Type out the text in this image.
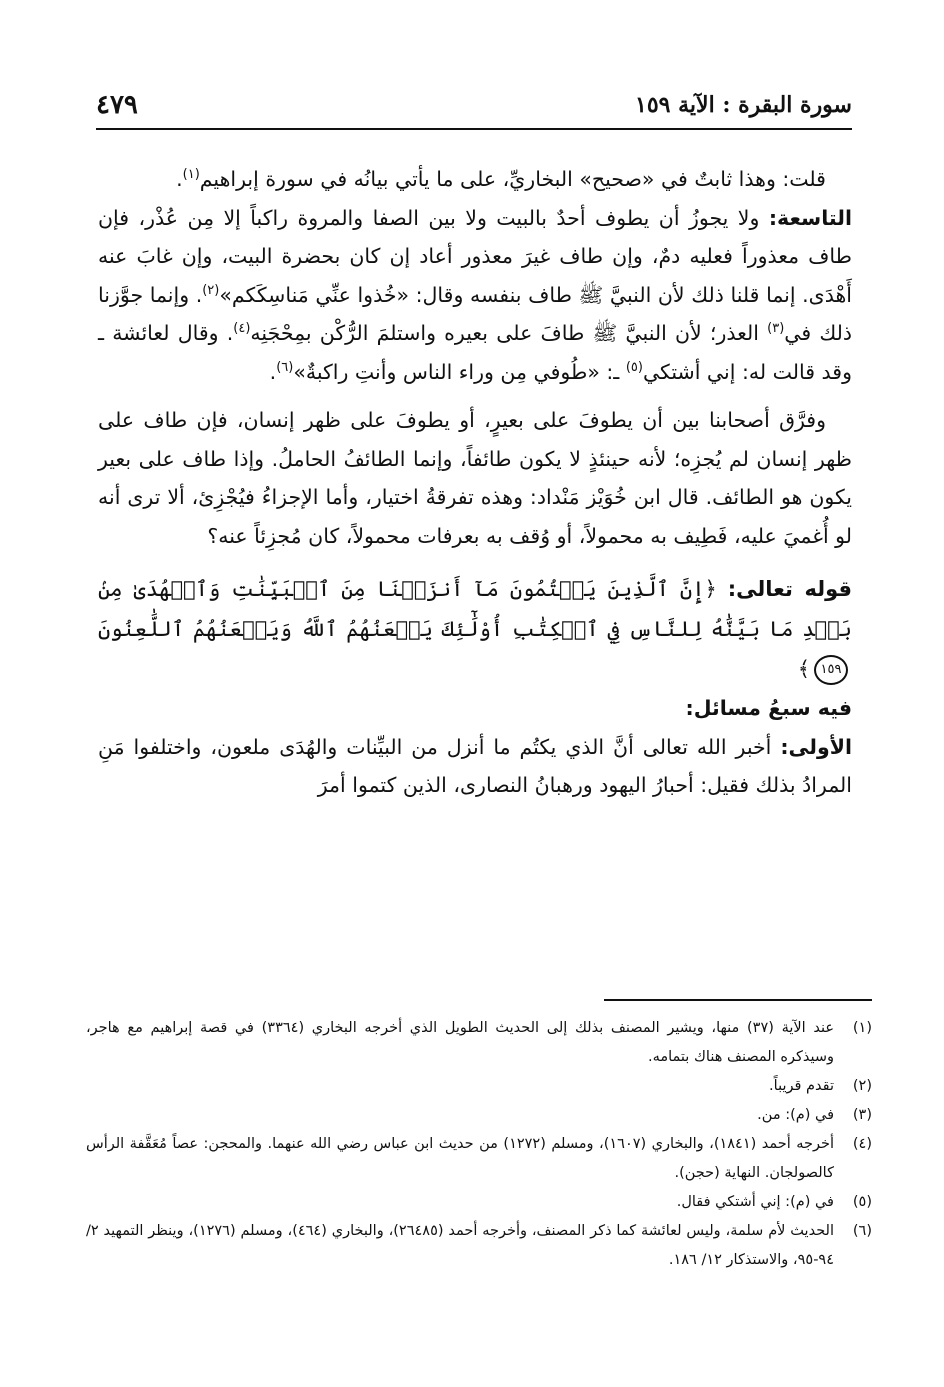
سورة البقرة : الآية ١٥٩
٤٧٩

قلت: وهذا ثابتٌ في «صحيح» البخاريِّ، على ما يأتي بيانُه في سورة إبراهيم$^{(١)}$.

التاسعة: ولا يجوزُ أن يطوف أحدٌ بالبيت ولا بين الصفا والمروة راكباً إلا مِن عُذْر، فإن طاف معذوراً فعليه دمٌ، وإن طاف غيرَ معذور أعاد إن كان بحضرة البيت، وإن غابَ عنه أَهْدَى. إنما قلنا ذلك لأن النبيَّ ﷺ طاف بنفسه وقال: «خُذوا عنِّي مَناسِكَكم»$^{(٢)}$. وإنما جوَّزنا ذلك في$^{(٣)}$ العذر؛ لأن النبيَّ ﷺ طافَ على بعيره واستلمَ الرُّكْن بمِحْجَنِه$^{(٤)}$. وقال لعائشة ـ وقد قالت له: إني أشتكي$^{(٥)}$ ـ: «طُوفي مِن وراء الناس وأنتِ راكبةٌ»$^{(٦)}$.

وفرَّق أصحابنا بين أن يطوفَ على بعيرٍ، أو يطوفَ على ظهر إنسان، فإن طاف على ظهر إنسان لم يُجزِه؛ لأنه حينئذٍ لا يكون طائفاً، وإنما الطائفُ الحاملُ. وإذا طاف على بعير يكون هو الطائف. قال ابن خُوَيْز مَنْداد: وهذه تفرقةُ اختيار، وأما الإجزاءُ فيُجْزِئ، ألا ترى أنه لو أُغميَ عليه، فَطِيف به محمولاً، أو وُقف به بعرفات محمولاً، كان مُجزِئاً عنه؟

قوله تعالى: ﴿إِنَّ ٱلَّذِينَ يَكۡتُمُونَ مَآ أَنزَلۡنَا مِنَ ٱلۡبَيِّنَٰتِ وَٱلۡهُدَىٰ مِنۢ بَعۡدِ مَا بَيَّنَّٰهُ لِلنَّاسِ فِي ٱلۡكِتَٰبِ أُوْلَٰٓئِكَ يَلۡعَنُهُمُ ٱللَّهُ وَيَلۡعَنُهُمُ ٱللَّٰعِنُونَ١٥٩﴾

فيه سبعُ مسائل:

الأولى: أخبر الله تعالى أنَّ الذي يكتُم ما أنزل من البيِّنات والهُدَى ملعون، واختلفوا مَنِ المرادُ بذلك فقيل: أحبارُ اليهود ورهبانُ النصارى، الذين كتموا أمرَ

(١)
عند الآية (٣٧) منها، ويشير المصنف بذلك إلى الحديث الطويل الذي أخرجه البخاري (٣٣٦٤) في قصة إبراهيم مع هاجر، وسيذكره المصنف هناك بتمامه.
(٢)
تقدم قريباً.
(٣)
في (م): من.
(٤)
أخرجه أحمد (١٨٤١)، والبخاري (١٦٠٧)، ومسلم (١٢٧٢) من حديث ابن عباس رضي الله عنهما. والمحجن: عصاً مُعَقَّفة الرأس كالصولجان. النهاية (حجن).
(٥)
في (م): إني أشتكي فقال.
(٦)
الحديث لأم سلمة، وليس لعائشة كما ذكر المصنف، وأخرجه أحمد (٢٦٤٨٥)، والبخاري (٤٦٤)، ومسلم (١٢٧٦)، وينظر التمهيد ٢/ ٩٤-٩٥، والاستذكار ١٢/ ١٨٦.
